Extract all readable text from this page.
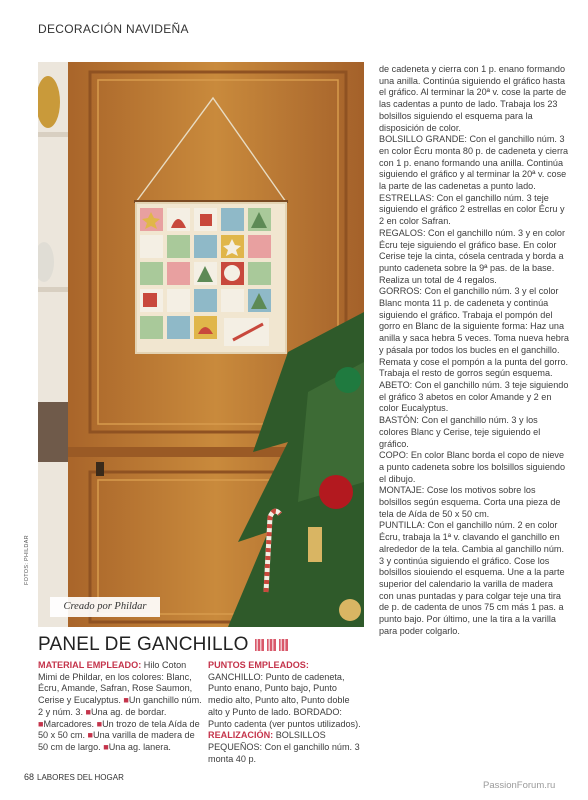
DECORACIÓN NAVIDEÑA
FOTOS: PHILDAR
Creado por Phildar
PANEL DE GANCHILLO

MATERIAL EMPLEADO: Hilo Coton Mimi de Phildar, en los colores: Blanc, Écru, Amande, Safran, Rose Saumon, Cerise y Eucalyptus. ■Un ganchillo núm. 2 y núm. 3. ■Una ag. de bordar. ■Marcadores. ■Un trozo de tela Aída de 50 x 50 cm. ■Una varilla de madera de 50 cm de largo. ■Una ag. lanera.

PUNTOS EMPLEADOS: GANCHILLO: Punto de cadeneta, Punto enano, Punto bajo, Punto medio alto, Punto alto, Punto doble alto y Punto de lado. BORDADO: Punto cadenta (ver puntos utilizados).

REALIZACIÓN: BOLSILLOS PEQUEÑOS: Con el ganchillo núm. 3 monta 40 p.

de cadeneta y cierra con 1 p. enano formando una anilla. Continúa siguiendo el gráfico hasta el gráfico. Al terminar la 20ª v. cose la parte de las cadentas a punto de lado. Trabaja los 23 bolsillos siguiendo el esquema para la disposición de color.

BOLSILLO GRANDE: Con el ganchillo núm. 3 en color Écru monta 80 p. de cadeneta y cierra con 1 p. enano formando una anilla. Continúa siguiendo el gráfico y al terminar la 20ª v. cose la parte de las cadenetas a punto lado.

ESTRELLAS: Con el ganchillo núm. 3 teje siguiendo el gráfico 2 estrellas en color Écru y 2 en color Safran.

REGALOS: Con el ganchillo núm. 3 y en color Écru teje siguiendo el gráfico base. En color Cerise teje la cinta, cósela centrada y borda a punto cadeneta sobre la 9ª pas. de la base. Realiza un total de 4 regalos.

GORROS: Con el ganchillo núm. 3 y el color Blanc monta 11 p. de cadeneta y continúa siguiendo el gráfico. Trabaja el pompón del gorro en Blanc de la siguiente forma: Haz una anilla y saca hebra 5 veces. Toma nueva hebra y pásala por todos los bucles en el ganchillo. Remata y cose el pompón a la punta del gorro. Trabaja el resto de gorros según esquema.

ABETO: Con el ganchillo núm. 3 teje siguiendo el gráfico 3 abetos en color Amande y 2 en color Eucalyptus.

BASTÓN: Con el ganchillo núm. 3 y los colores Blanc y Cerise, teje siguiendo el gráfico.

COPO: En color Blanc borda el copo de nieve a punto cadeneta sobre los bolsillos siguiendo el dibujo.

MONTAJE: Cose los motivos sobre los bolsillos según esquema. Corta una pieza de tela de Aída de 50 x 50 cm.

PUNTILLA: Con el ganchillo núm. 2 en color Écru, trabaja la 1ª v. clavando el ganchillo en alrededor de la tela. Cambia al ganchillo núm. 3 y continúa siguiendo el gráfico. Cose los bolsillos siouiendo el esquema. Une a la parte superior del calendario la varilla de madera con unas puntadas y para colgar teje una tira de p. de cadenta de unos 75 cm más 1 pas. a punto bajo. Por último, une la tira a la varilla para poder colgarlo.

68 LABORES DEL HOGAR
PassionForum.ru
